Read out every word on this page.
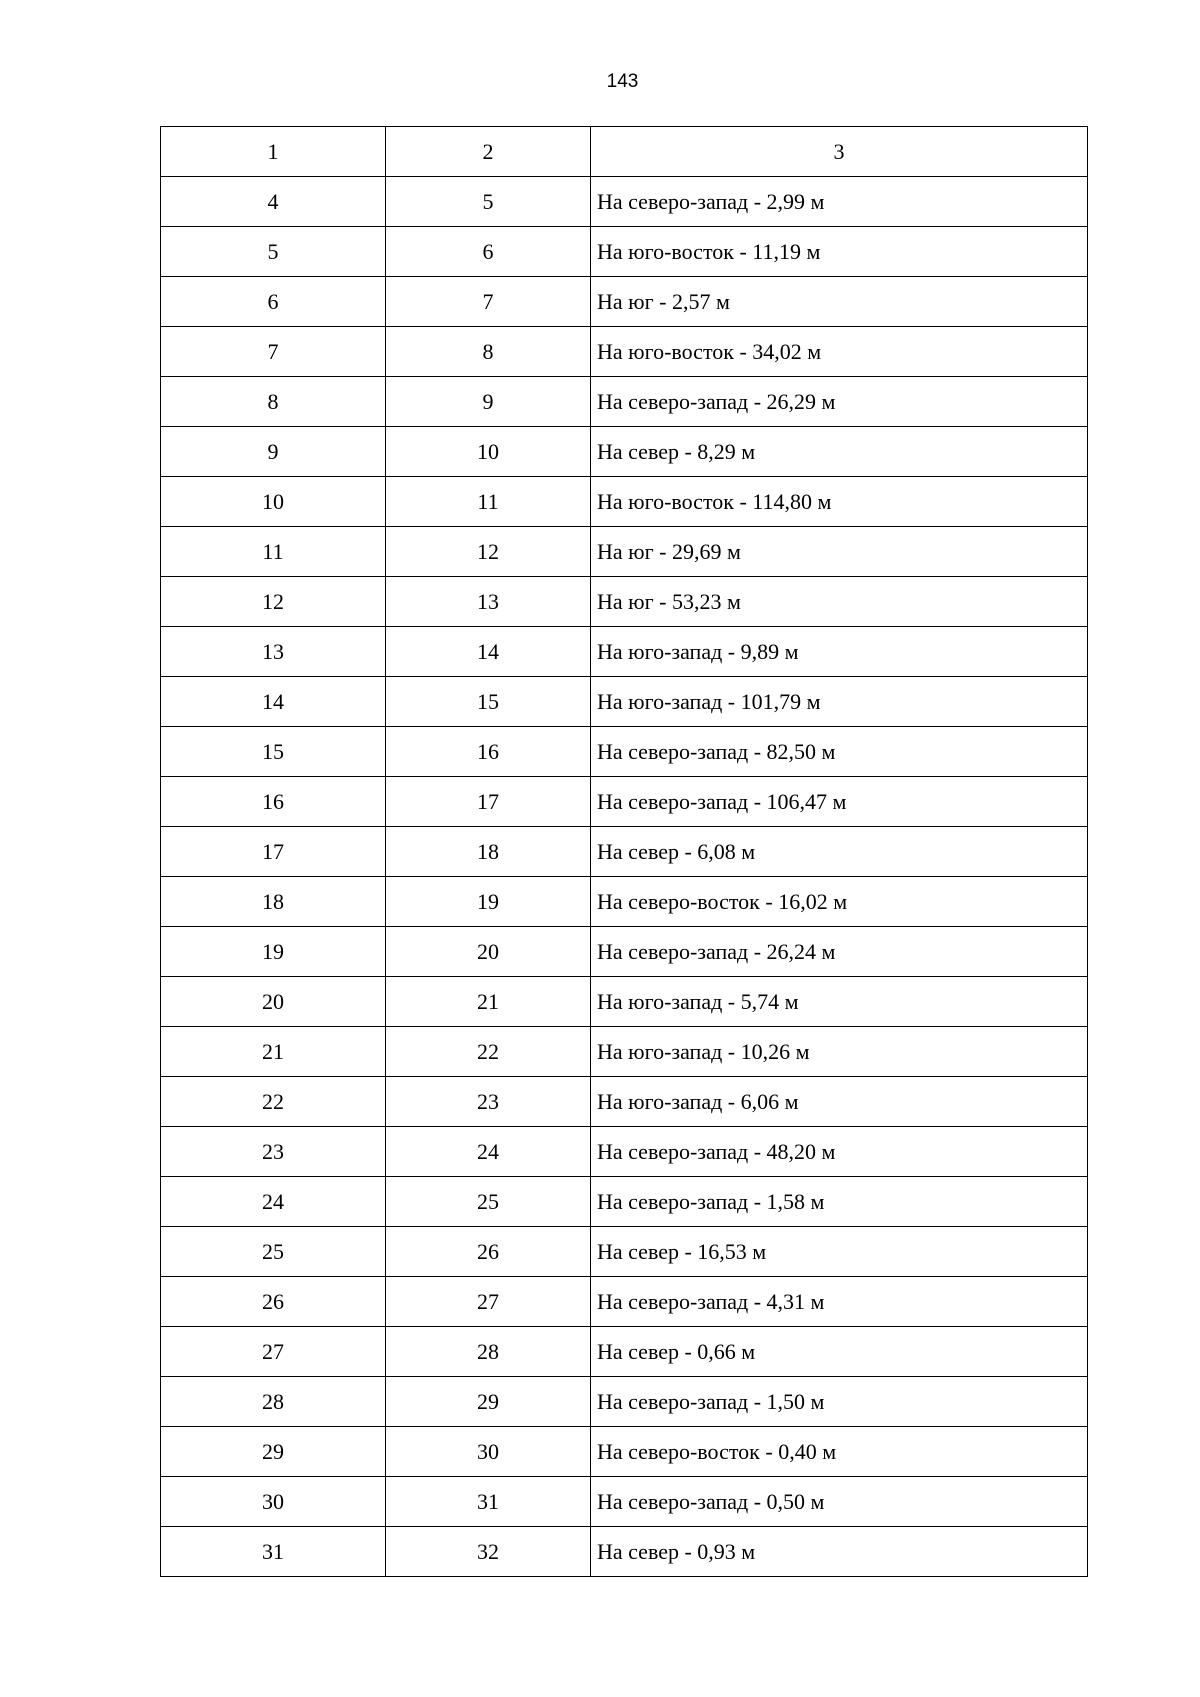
143
1	2	3
4	5	На северо-запад - 2,99 м
5	6	На юго-восток - 11,19 м
6	7	На юг - 2,57 м
7	8	На юго-восток - 34,02 м
8	9	На северо-запад - 26,29 м
9	10	На север - 8,29 м
10	11	На юго-восток - 114,80 м
11	12	На юг - 29,69 м
12	13	На юг - 53,23 м
13	14	На юго-запад - 9,89 м
14	15	На юго-запад - 101,79 м
15	16	На северо-запад - 82,50 м
16	17	На северо-запад - 106,47 м
17	18	На север - 6,08 м
18	19	На северо-восток - 16,02 м
19	20	На северо-запад - 26,24 м
20	21	На юго-запад - 5,74 м
21	22	На юго-запад - 10,26 м
22	23	На юго-запад - 6,06 м
23	24	На северо-запад - 48,20 м
24	25	На северо-запад - 1,58 м
25	26	На север - 16,53 м
26	27	На северо-запад - 4,31 м
27	28	На север - 0,66 м
28	29	На северо-запад - 1,50 м
29	30	На северо-восток - 0,40 м
30	31	На северо-запад - 0,50 м
31	32	На север - 0,93 м
